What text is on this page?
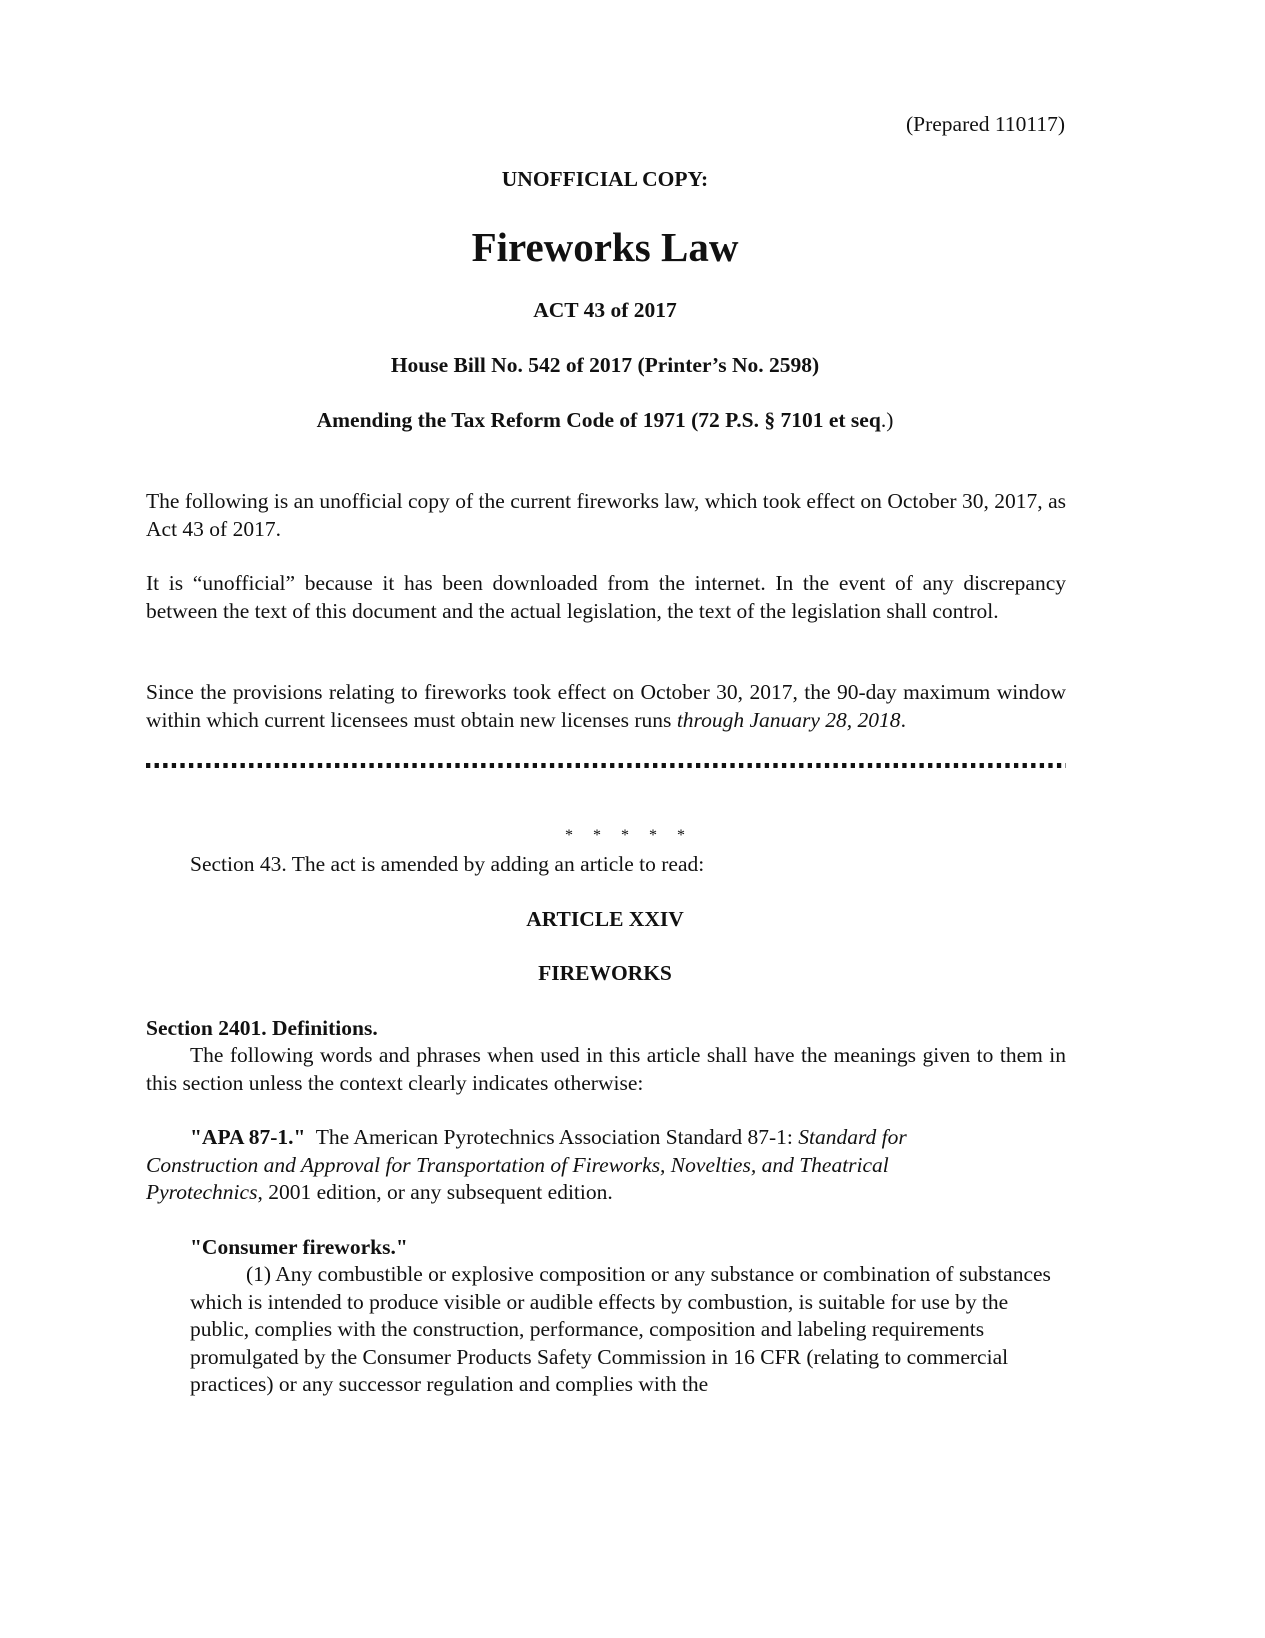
(Prepared 110117)
UNOFFICIAL COPY:
Fireworks Law
ACT 43 of 2017
House Bill No. 542 of 2017 (Printer’s No. 2598)
Amending the Tax Reform Code of 1971 (72 P.S. § 7101 et seq.)
The following is an unofficial copy of the current fireworks law, which took effect on October 30, 2017, as Act 43 of 2017.
It is “unofficial” because it has been downloaded from the internet. In the event of any discrepancy between the text of this document and the actual legislation, the text of the legislation shall control.
Since the provisions relating to fireworks took effect on October 30, 2017, the 90-day maximum window within which current licensees must obtain new licenses runs through January 28, 2018.
*     *     *     *     *
Section 43. The act is amended by adding an article to read:
ARTICLE XXIV
FIREWORKS
Section 2401. Definitions.
The following words and phrases when used in this article shall have the meanings given to them in this section unless the context clearly indicates otherwise:
"APA 87-1."  The American Pyrotechnics Association Standard 87-1: Standard for Construction and Approval for Transportation of Fireworks, Novelties, and Theatrical Pyrotechnics, 2001 edition, or any subsequent edition.
"Consumer fireworks."
(1) Any combustible or explosive composition or any substance or combination of substances which is intended to produce visible or audible effects by combustion, is suitable for use by the public, complies with the construction, performance, composition and labeling requirements promulgated by the Consumer Products Safety Commission in 16 CFR (relating to commercial practices) or any successor regulation and complies with the
